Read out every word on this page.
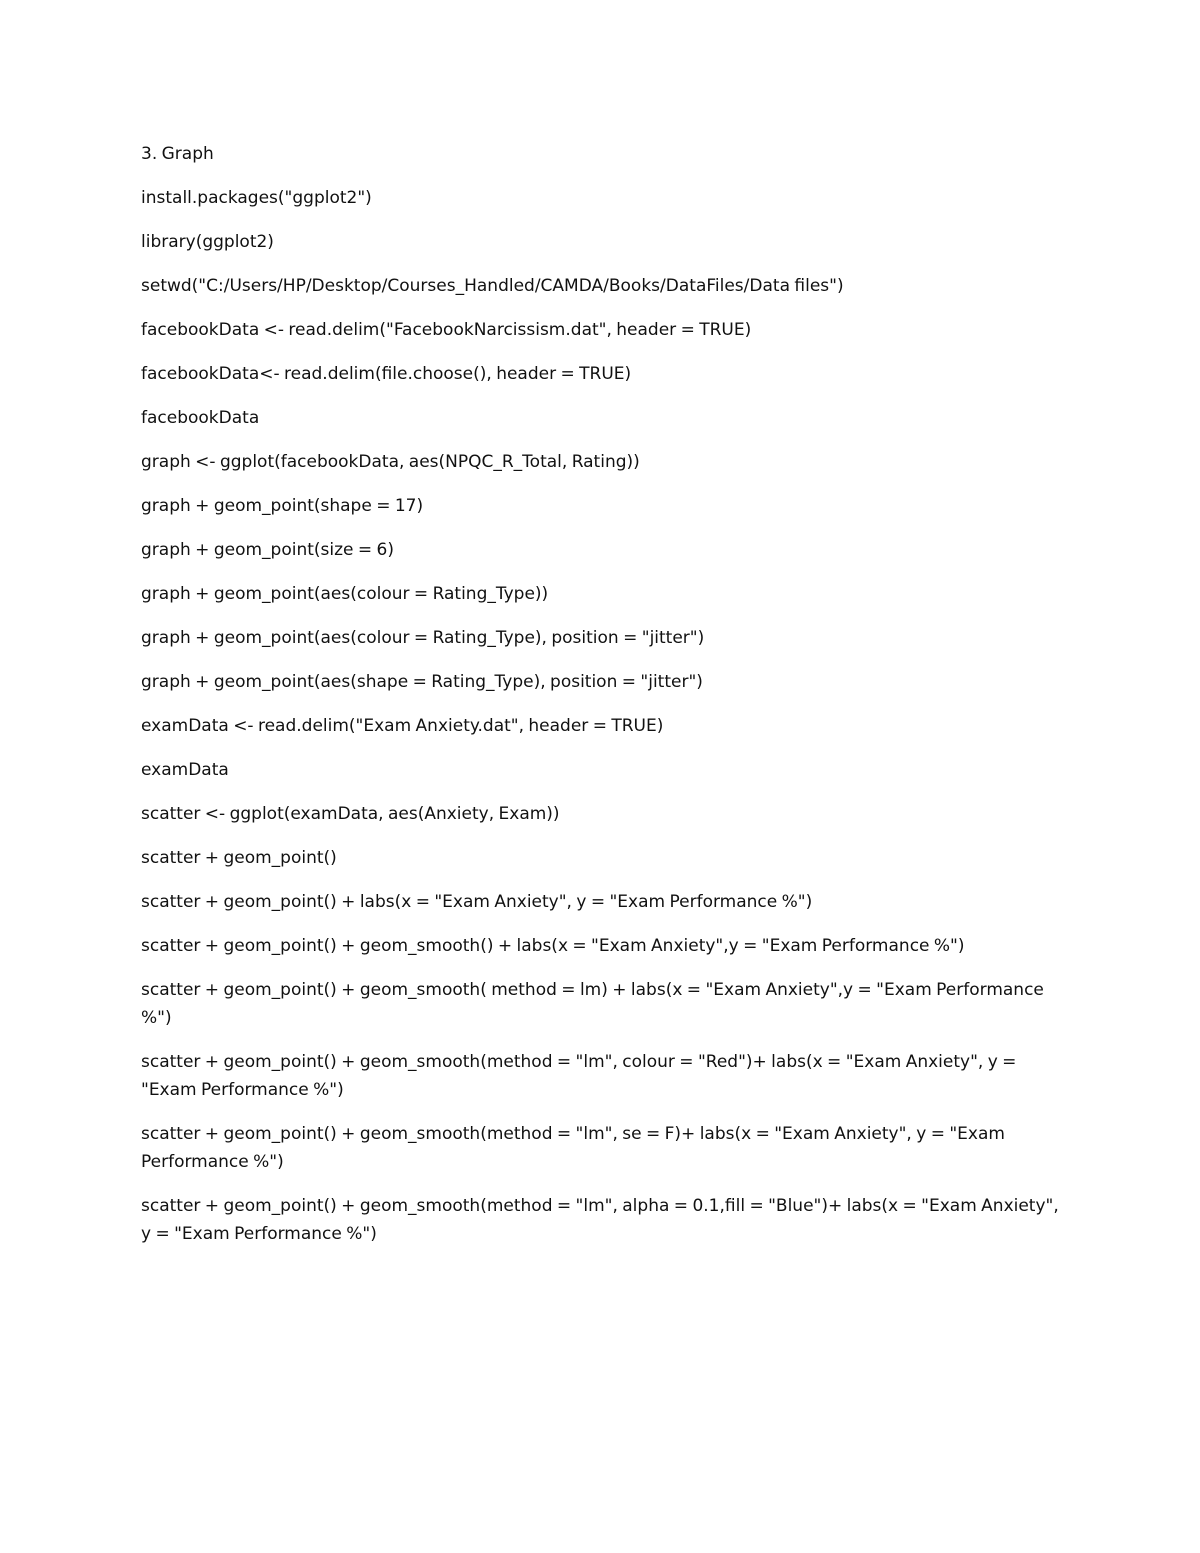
3. Graph

install.packages("ggplot2")

library(ggplot2)

setwd("C:/Users/HP/Desktop/Courses_Handled/CAMDA/Books/DataFiles/Data files")

facebookData <- read.delim("FacebookNarcissism.dat", header = TRUE)

facebookData<- read.delim(file.choose(), header = TRUE)

facebookData

graph <- ggplot(facebookData, aes(NPQC_R_Total, Rating))

graph + geom_point(shape = 17)

graph + geom_point(size = 6)

graph + geom_point(aes(colour = Rating_Type))

graph + geom_point(aes(colour = Rating_Type), position = "jitter")

graph + geom_point(aes(shape = Rating_Type), position = "jitter")

examData <- read.delim("Exam Anxiety.dat", header = TRUE)

examData

scatter <- ggplot(examData, aes(Anxiety, Exam))

scatter + geom_point()

scatter + geom_point() + labs(x = "Exam Anxiety", y = "Exam Performance %")

scatter + geom_point() + geom_smooth() + labs(x = "Exam Anxiety",y = "Exam Performance %")

scatter + geom_point() + geom_smooth( method = lm) + labs(x = "Exam Anxiety",y = "Exam Performance %")

scatter + geom_point() + geom_smooth(method = "lm", colour = "Red")+ labs(x = "Exam Anxiety", y = "Exam Performance %")

scatter + geom_point() + geom_smooth(method = "lm", se = F)+ labs(x = "Exam Anxiety", y = "Exam Performance %")

scatter + geom_point() + geom_smooth(method = "lm", alpha = 0.1,fill = "Blue")+ labs(x = "Exam Anxiety", y = "Exam Performance %")
